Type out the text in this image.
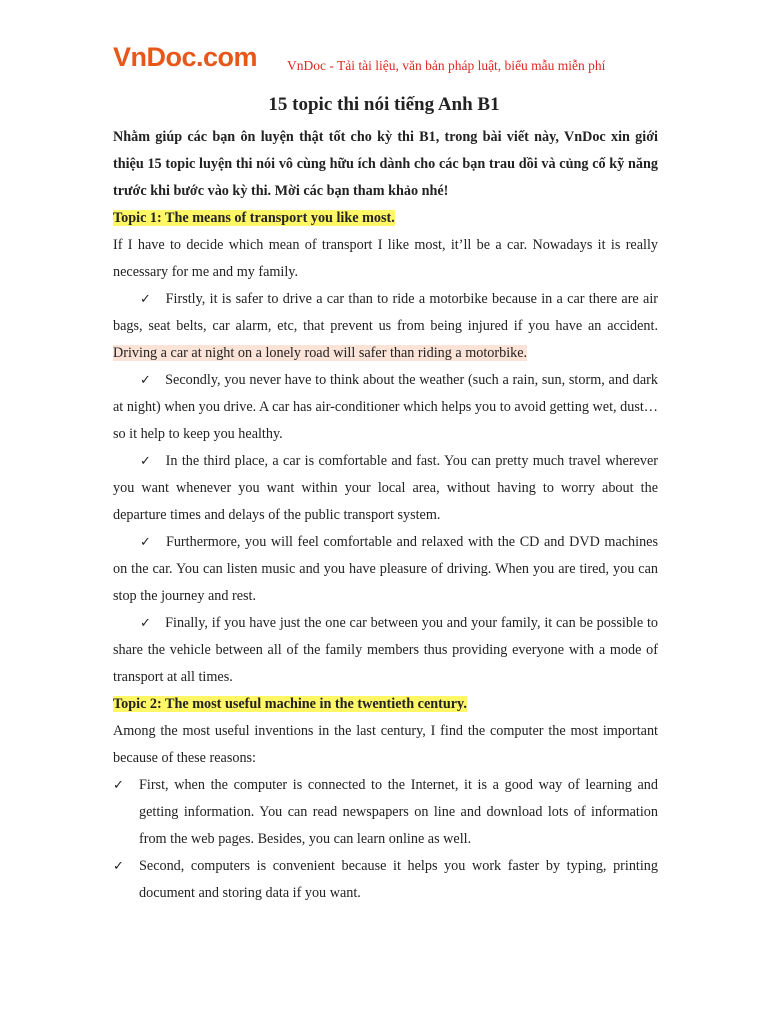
VnDoc.com VnDoc - Tải tài liệu, văn bản pháp luật, biểu mẫu miễn phí
15 topic thi nói tiếng Anh B1

Nhằm giúp các bạn ôn luyện thật tốt cho kỳ thi B1, trong bài viết này, VnDoc xin giới thiệu 15 topic luyện thi nói vô cùng hữu ích dành cho các bạn trau dồi và củng cố kỹ năng trước khi bước vào kỳ thi. Mời các bạn tham khảo nhé!

Topic 1: The means of transport you like most.

If I have to decide which mean of transport I like most, it’ll be a car. Nowadays it is really necessary for me and my family.

✓ Firstly, it is safer to drive a car than to ride a motorbike because in a car there are air bags, seat belts, car alarm, etc, that prevent us from being injured if you have an accident. Driving a car at night on a lonely road will safer than riding a motorbike.

✓ Secondly, you never have to think about the weather (such a rain, sun, storm, and dark at night) when you drive. A car has air-conditioner which helps you to avoid getting wet, dust… so it help to keep you healthy.

✓ In the third place, a car is comfortable and fast. You can pretty much travel wherever you want whenever you want within your local area, without having to worry about the departure times and delays of the public transport system.

✓ Furthermore, you will feel comfortable and relaxed with the CD and DVD machines on the car. You can listen music and you have pleasure of driving. When you are tired, you can stop the journey and rest.

✓ Finally, if you have just the one car between you and your family, it can be possible to share the vehicle between all of the family members thus providing everyone with a mode of transport at all times.

Topic 2: The most useful machine in the twentieth century.

Among the most useful inventions in the last century, I find the computer the most important because of these reasons:

✓ First, when the computer is connected to the Internet, it is a good way of learning and getting information. You can read newspapers on line and download lots of information from the web pages. Besides, you can learn online as well.

✓ Second, computers is convenient because it helps you work faster by typing, printing document and storing data if you want.
